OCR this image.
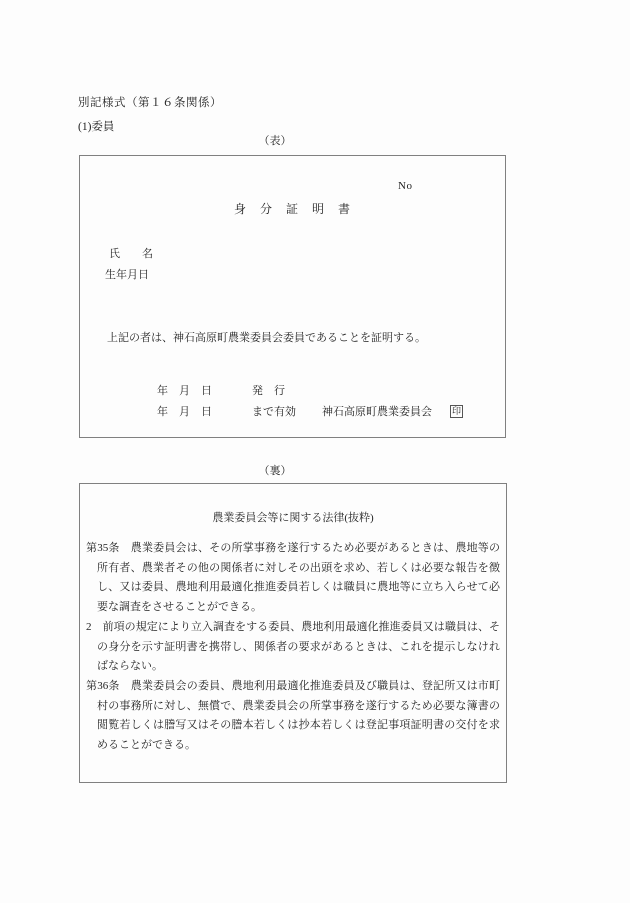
別記様式（第１６条関係）
(1)委員
（表）
No
身　分　証　明　書
氏　　名
生年月日
上記の者は、神石高原町農業委員会委員であることを証明する。
年　月　日	発　行
年　月　日	まで有効 神石高原町農業委員会 印
（裏）
農業委員会等に関する法律(抜粋)

第35条　農業委員会は、その所掌事務を遂行するため必要があるときは、農地等の所有者、農業者その他の関係者に対しその出頭を求め、若しくは必要な報告を徴し、又は委員、農地利用最適化推進委員若しくは職員に農地等に立ち入らせて必要な調査をさせることができる。

2　前項の規定により立入調査をする委員、農地利用最適化推進委員又は職員は、その身分を示す証明書を携帯し、関係者の要求があるときは、これを提示しなければならない。

第36条　農業委員会の委員、農地利用最適化推進委員及び職員は、登記所又は市町村の事務所に対し、無償で、農業委員会の所掌事務を遂行するため必要な簿書の閲覧若しくは謄写又はその謄本若しくは抄本若しくは登記事項証明書の交付を求めることができる。
